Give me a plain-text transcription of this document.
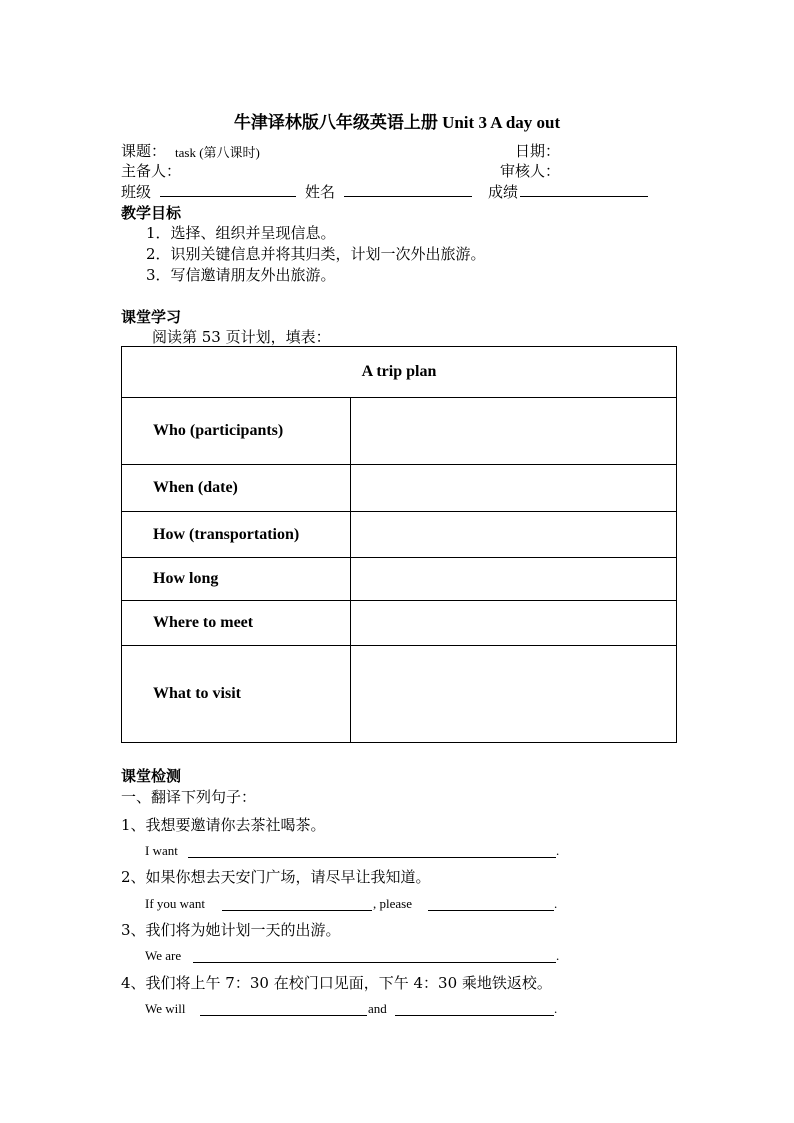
牛津译林版八年级英语上册 Unit 3 A day out
课题： task (第八课时)	日期：
主备人：	审核人：
班级	姓名	成绩
教学目标
1．选择、组织并呈现信息。
2．识别关键信息并将其归类，计划一次外出旅游。
3．写信邀请朋友外出旅游。
课堂学习
阅读第 53 页计划，填表：
A trip plan	
Who (participants)	
When (date)	
How (transportation)	
How long	
Where to meet	
What to visit	
课堂检测
一、翻译下列句子：
1、我想要邀请你去茶社喝茶。
I want	.
2、如果你想去天安门广场，请尽早让我知道。
If you want	, please	.
3、我们将为她计划一天的出游。
We are	.
4、我们将上午 7：30 在校门口见面，下午 4：30 乘地铁返校。
We will	and	.
